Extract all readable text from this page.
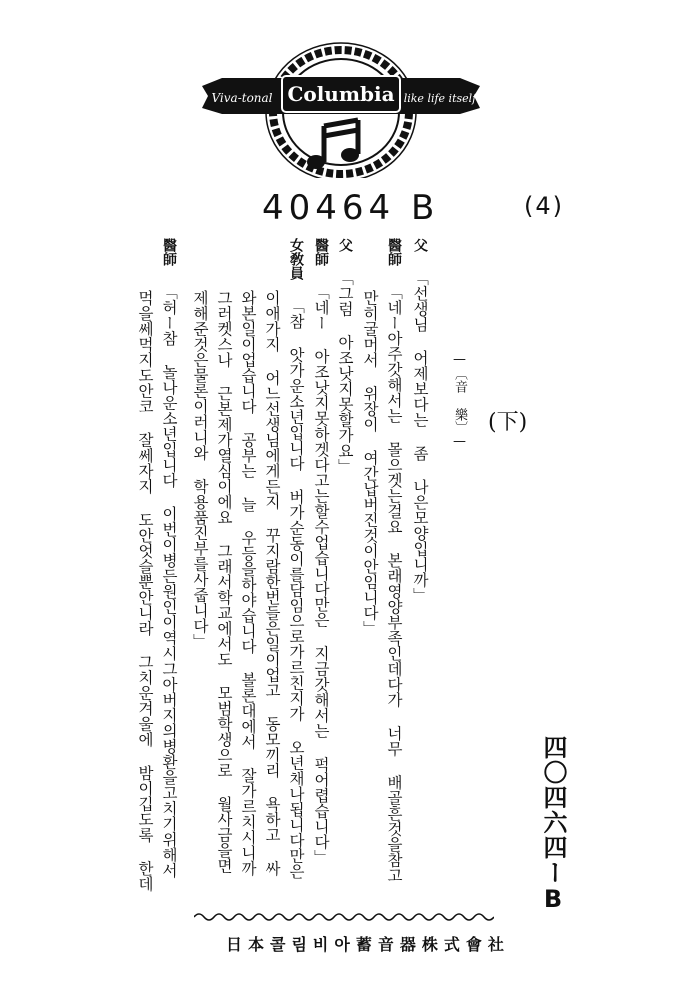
Columbia
Viva-tonal	like life itself
40464 B	(4)
(下)
—〔音 樂〕—
父 「선생님 어제보다는 좀 나은모양입니까」
醫師 「네ー아주갓해서는 몰으겟는걸요 본래영양부족인데다가 너무 배골흔것을참고
만히굴머서 위장이 여간납버진것이안임니다」
父 「그럼 아조낫지못할가요」
醫師 「네ー 아조낫지못하겟다고는할수업습니다만은 지금갓해서는 퍽어렵습니다」
女敎員 「참 앗가운소년입니다 버가순동이를담임으로가르친지가 오년채나됩니다만은
이애가지 어느선생님에게든지 꾸지람한번들은일이업고 동모끼리 욕하고 싸
와본일이업습니다 공부는 늘 우등을하야습니다 볼론대에서 잘가르치시니까
그러켓스나 근본제가열심이에요 그래서학교에서도 모범학생으로 월사금을면
제해준것은물론이러니와 학용품진부를사줍니다」
醫師 「허ー참 놀나운소년입니다 이번이병든원인이역시그아버지의병환을고치기위해서
먹을쎄먹지도안코 잘쎄자지 도안엇슬뿐안니라 그치운겨울에 밤이깁도록 한데	四〇四六四ーB
日本콜림비아蓄音器株式會社
